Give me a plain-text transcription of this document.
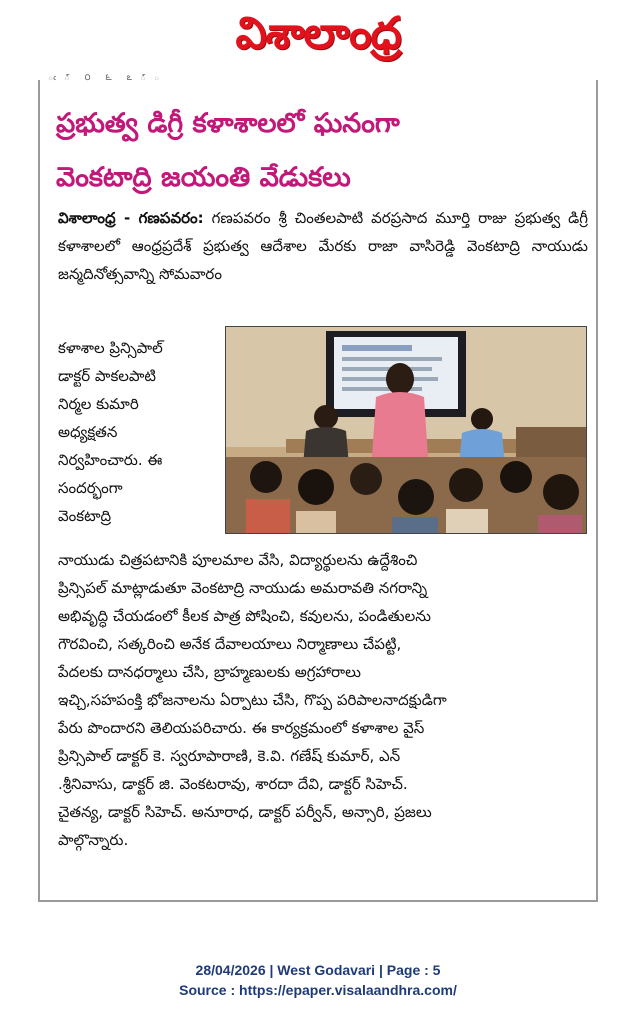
విశాలాంధ్ర
ఁ ్ ౦ ౬ ఽ ్ ఀ
ప్రభుత్వ డిగ్రీ కళాశాలలో ఘనంగా
వెంకటాద్రి జయంతి వేడుకలు
విశాలాంధ్ర - గణపవరం: గణపవరం శ్రీ చింతలపాటి వరప్రసాద మూర్తి రాజు ప్రభుత్వ డిగ్రీ కళాశాలలో ఆంధ్రప్రదేశ్ ప్రభుత్వ ఆదేశాల మేరకు రాజా వాసిరెడ్డి వెంకటాద్రి నాయుడు జన్మదినోత్సవాన్ని సోమవారం
కళాశాల ప్రిన్సిపాల్
డాక్టర్ పాకలపాటి
నిర్మల కుమారి
అధ్యక్షతన
నిర్వహించారు. ఈ
సందర్భంగా
వెంకటాద్రి
నాయుడు చిత్రపటానికి పూలమాల వేసి, విద్యార్థులను ఉద్దేశించి
ప్రిన్సిపల్ మాట్లాడుతూ వెంకటాద్రి నాయుడు అమరావతి నగరాన్ని
అభివృద్ధి చేయడంలో కీలక పాత్ర పోషించి, కవులను, పండితులను
గౌరవించి, సత్కరించి అనేక దేవాలయాలు నిర్మాణాలు చేపట్టి,
పేదలకు దానధర్మాలు చేసి, బ్రాహ్మణులకు అగ్రహారాలు
ఇచ్చి,సహపంక్తి భోజనాలను ఏర్పాటు చేసి, గొప్ప పరిపాలనాదక్షుడిగా
పేరు పొందారని తెలియపరిచారు. ఈ కార్యక్రమంలో కళాశాల వైస్
ప్రిన్సిపాల్ డాక్టర్ కె. స్వరూపారాణి, కె.వి. గణేష్ కుమార్, ఎన్
.శ్రీనివాసు, డాక్టర్ జి. వెంకటరావు, శారదా దేవి, డాక్టర్ సిహెచ్.
చైతన్య, డాక్టర్ సిహెచ్. అనూరాధ, డాక్టర్ పర్వీన్, అన్సారి, ప్రజలు
పాల్గొన్నారు.
28/04/2026 | West Godavari | Page : 5
Source : https://epaper.visalaandhra.com/
